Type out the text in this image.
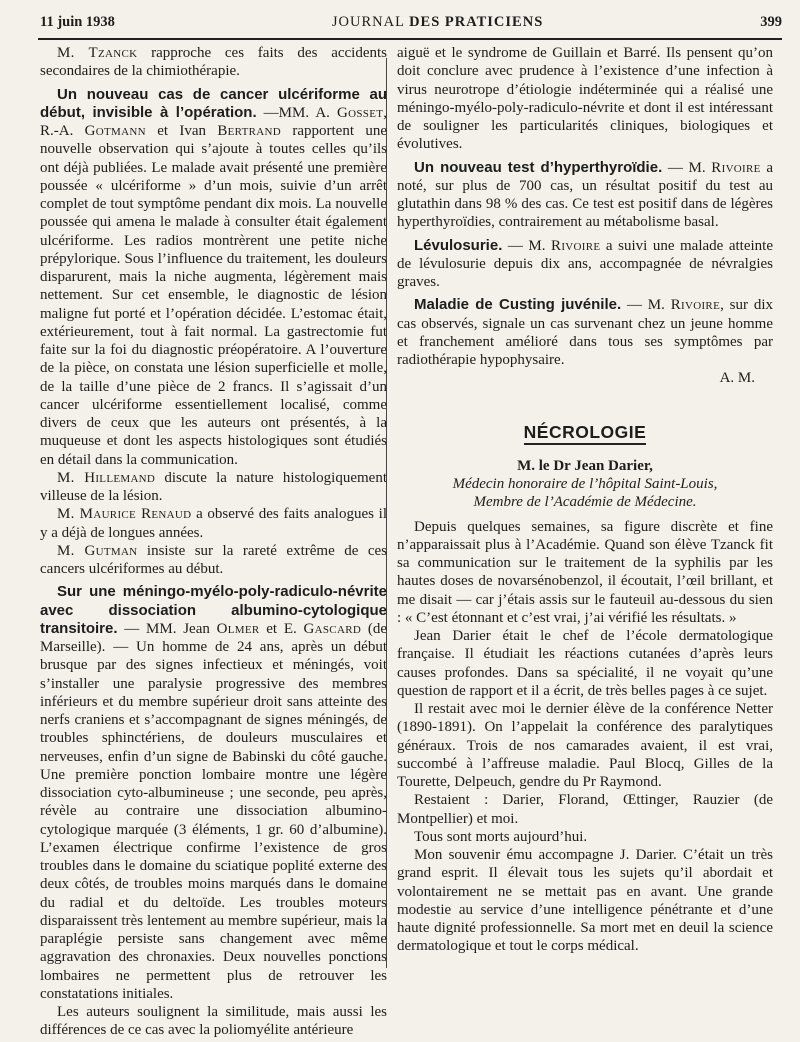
11 juin 1938	JOURNAL DES PRATICIENS	399

M. Tzanck rapproche ces faits des accidents secondaires de la chimiothérapie.

Un nouveau cas de cancer ulcériforme au début, invisible à l’opération. —MM. A. Gosset, R.-A. Gotmann et Ivan Bertrand rapportent une nouvelle observation qui s’ajoute à toutes celles qu’ils ont déjà publiées. Le malade avait présenté une première poussée « ulcériforme » d’un mois, suivie d’un arrêt complet de tout symptôme pendant dix mois. La nouvelle poussée qui amena le malade à consulter était également ulcériforme. Les radios montrèrent une petite niche prépylorique. Sous l’influence du traitement, les douleurs disparurent, mais la niche augmenta, légèrement mais nettement. Sur cet ensemble, le diagnostic de lésion maligne fut porté et l’opération décidée. L’estomac était, extérieurement, tout à fait normal. La gastrectomie fut faite sur la foi du diagnostic préopératoire. A l’ouverture de la pièce, on constata une lésion superficielle et molle, de la taille d’une pièce de 2 francs. Il s’agissait d’un cancer ulcériforme essentiellement localisé, comme divers de ceux que les auteurs ont présentés, à la muqueuse et dont les aspects histologiques sont étudiés en détail dans la communication.

M. Hillemand discute la nature histologiquement villeuse de la lésion.

M. Maurice Renaud a observé des faits analogues il y a déjà de longues années.

M. Gutman insiste sur la rareté extrême de ces cancers ulcériformes au début.

Sur une méningo-myélo-poly-radiculo-névrite avec dissociation albumino-cytologique transitoire. — MM. Jean Olmer et E. Gascard (de Marseille). — Un homme de 24 ans, après un début brusque par des signes infectieux et méningés, voit s’installer une paralysie progressive des membres inférieurs et du membre supérieur droit sans atteinte des nerfs craniens et s’accompagnant de signes méningés, de troubles sphinctériens, de douleurs musculaires et nerveuses, enfin d’un signe de Babinski du côté gauche. Une première ponction lombaire montre une légère dissociation cyto-albumineuse ; une seconde, peu après, révèle au contraire une dissociation albumino-cytologique marquée (3 éléments, 1 gr. 60 d’albumine). L’examen électrique confirme l’existence de gros troubles dans le domaine du sciatique poplité externe des deux côtés, de troubles moins marqués dans le domaine du radial et du deltoïde. Les troubles moteurs disparaissent très lentement au membre supérieur, mais la paraplégie persiste sans changement avec même aggravation des chronaxies. Deux nouvelles ponctions lombaires ne permettent plus de retrouver les constatations initiales.

Les auteurs soulignent la similitude, mais aussi les différences de ce cas avec la poliomyélite antérieure

aiguë et le syndrome de Guillain et Barré. Ils pensent qu’on doit conclure avec prudence à l’existence d’une infection à virus neurotrope d’étiologie indéterminée qui a réalisé une méningo-myélo-poly-radiculo-névrite et dont il est intéressant de souligner les particularités cliniques, biologiques et évolutives.

Un nouveau test d’hyperthyroïdie. — M. Rivoire a noté, sur plus de 700 cas, un résultat positif du test au glutathin dans 98 % des cas. Ce test est positif dans de légères hyperthyroïdies, contrairement au métabolisme basal.

Lévulosurie. — M. Rivoire a suivi une malade atteinte de lévulosurie depuis dix ans, accompagnée de névralgies graves.

Maladie de Custing juvénile. — M. Rivoire, sur dix cas observés, signale un cas survenant chez un jeune homme et franchement amélioré dans tous ses symptômes par radiothérapie hypophysaire.

A. M.

NÉCROLOGIE

M. le Dr Jean Darier,

Médecin honoraire de l’hôpital Saint-Louis,

Membre de l’Académie de Médecine.

Depuis quelques semaines, sa figure discrète et fine n’apparaissait plus à l’Académie. Quand son élève Tzanck fit sa communication sur le traitement de la syphilis par les hautes doses de novarsénobenzol, il écoutait, l’œil brillant, et me disait — car j’étais assis sur le fauteuil au-dessous du sien : « C’est étonnant et c’est vrai, j’ai vérifié les résultats. »

Jean Darier était le chef de l’école dermatologique française. Il étudiait les réactions cutanées d’après leurs causes profondes. Dans sa spécialité, il ne voyait qu’une question de rapport et il a écrit, de très belles pages à ce sujet.

Il restait avec moi le dernier élève de la conférence Netter (1890-1891). On l’appelait la conférence des paralytiques généraux. Trois de nos camarades avaient, il est vrai, succombé à l’affreuse maladie. Paul Blocq, Gilles de la Tourette, Delpeuch, gendre du Pr Raymond.

Restaient : Darier, Florand, Œttinger, Rauzier (de Montpellier) et moi.

Tous sont morts aujourd’hui.

Mon souvenir ému accompagne J. Darier. C’était un très grand esprit. Il élevait tous les sujets qu’il abordait et volontairement ne se mettait pas en avant. Une grande modestie au service d’une intelligence pénétrante et d’une haute dignité professionnelle. Sa mort met en deuil la science dermatologique et tout le corps médical.
